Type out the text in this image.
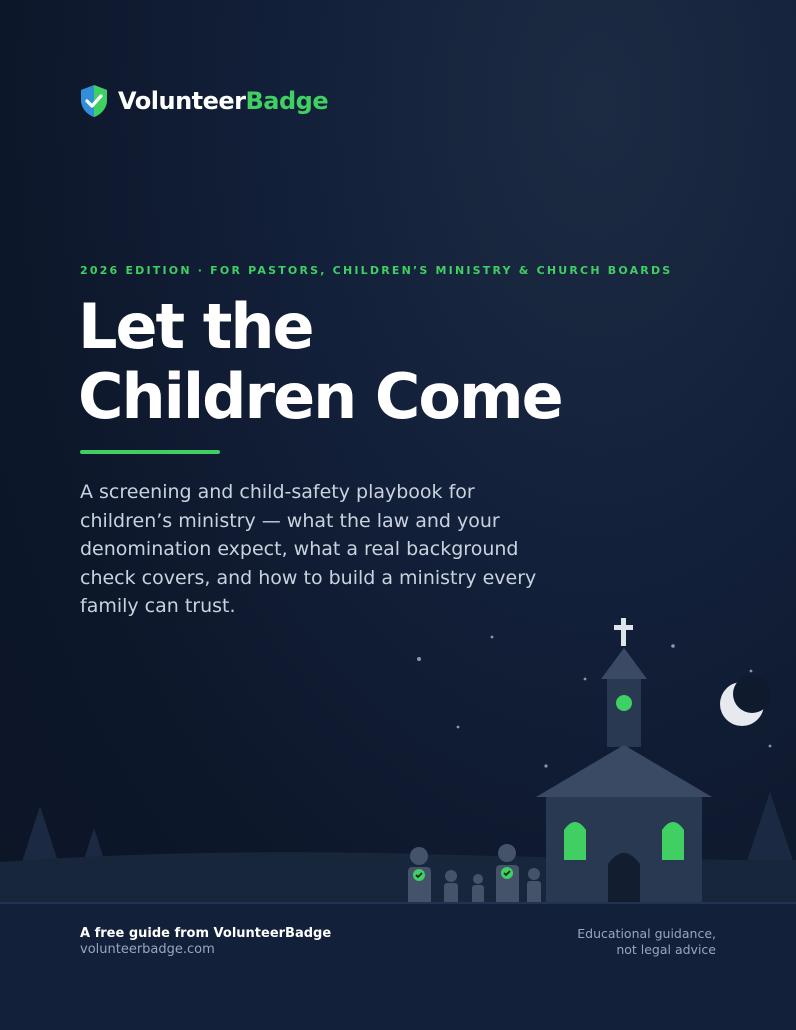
VolunteerBadge
2026 EDITION · FOR PASTORS, CHILDREN’S MINISTRY & CHURCH BOARDS
Let the
Children Come

A screening and child-safety playbook for children’s ministry — what the law and your denomination expect, what a real background check covers, and how to build a ministry every family can trust.

A free guide from VolunteerBadge
volunteerbadge.com
Educational guidance,
not legal advice
